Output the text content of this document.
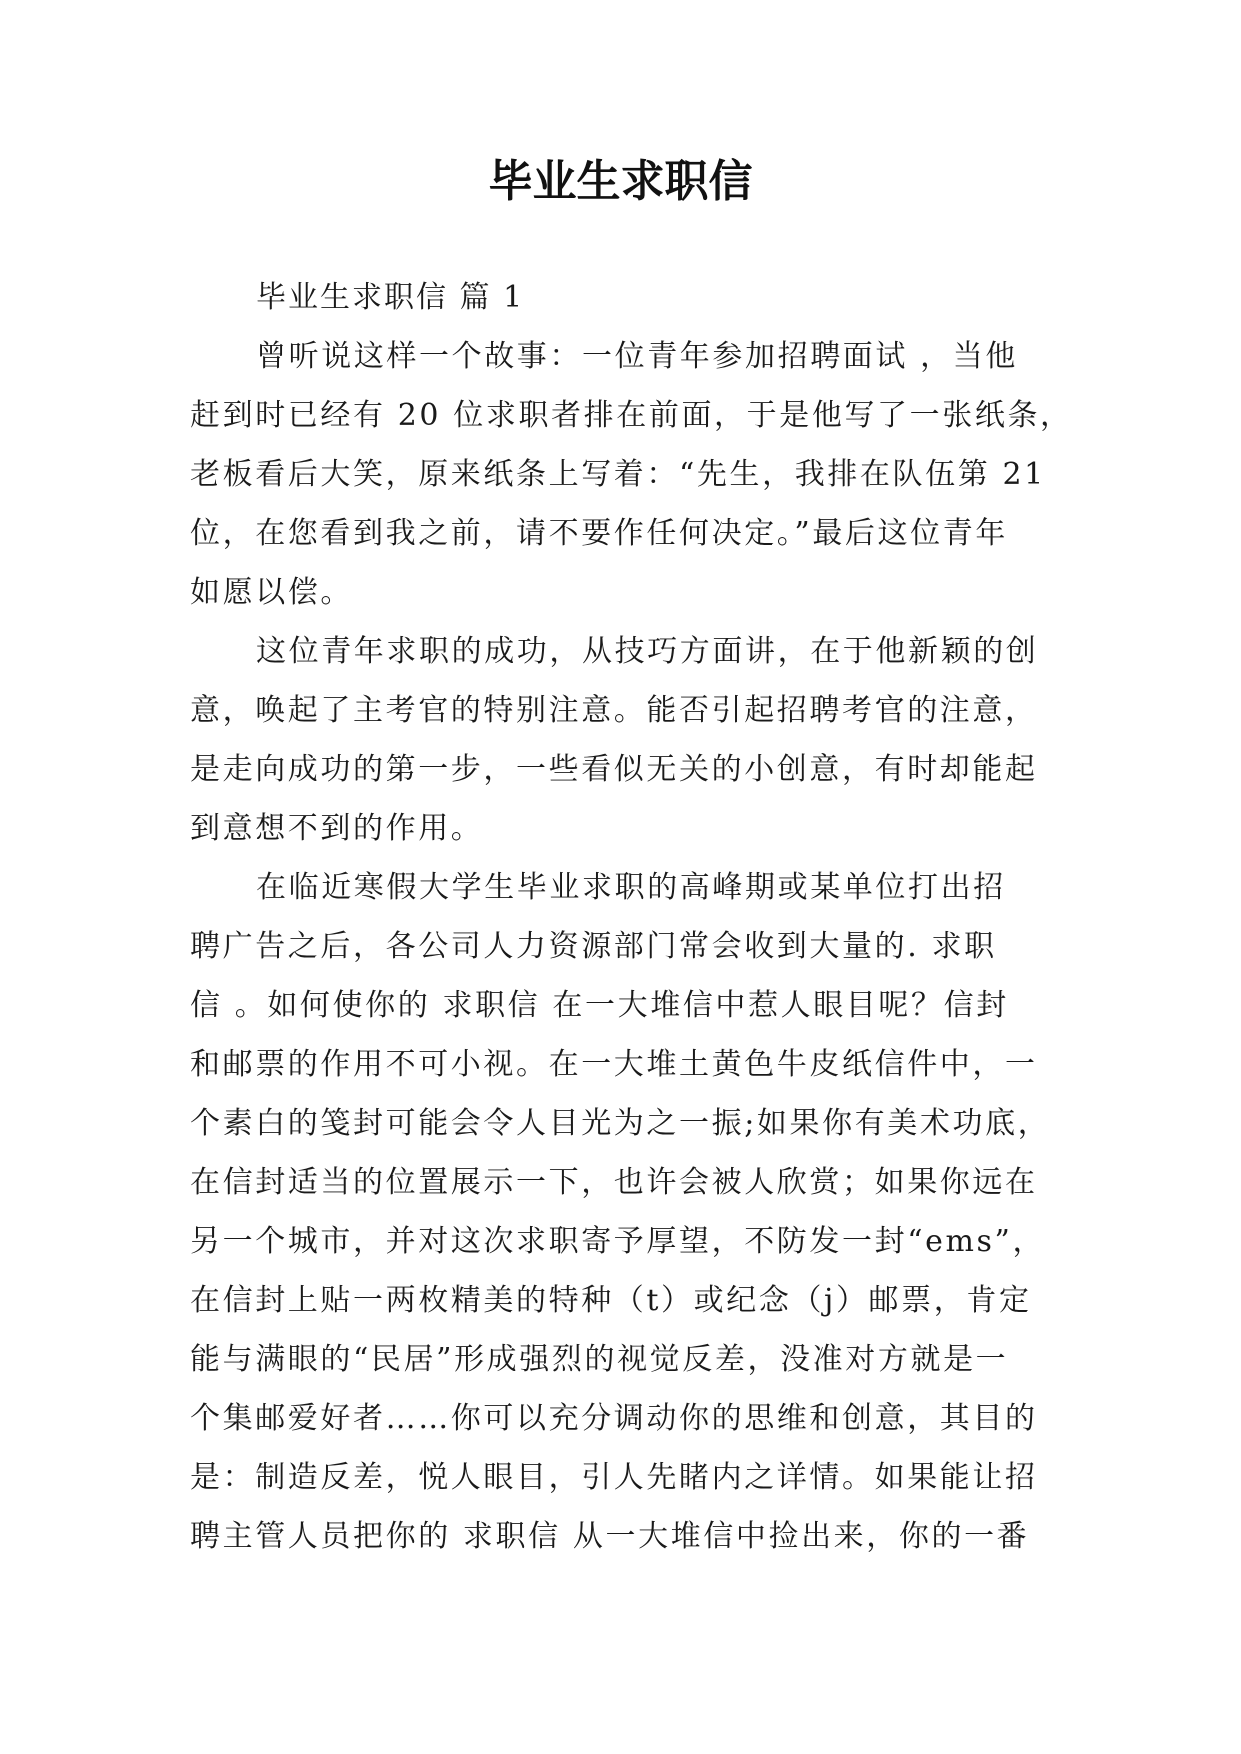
毕业生求职信

毕业生求职信 篇 1

曾听说这样一个故事：一位青年参加招聘面试 ，当他
赶到时已经有 20 位求职者排在前面，于是他写了一张纸条，
老板看后大笑，原来纸条上写着：“先生，我排在队伍第 21
位，在您看到我之前，请不要作任何决定。”最后这位青年
如愿以偿。
这位青年求职的成功，从技巧方面讲，在于他新颖的创
意，唤起了主考官的特别注意。能否引起招聘考官的注意，
是走向成功的第一步，一些看似无关的小创意，有时却能起
到意想不到的作用。
在临近寒假大学生毕业求职的高峰期或某单位打出招
聘广告之后，各公司人力资源部门常会收到大量的. 求职
信 。如何使你的 求职信 在一大堆信中惹人眼目呢？信封
和邮票的作用不可小视。在一大堆土黄色牛皮纸信件中，一
个素白的笺封可能会令人目光为之一振;如果你有美术功底，
在信封适当的位置展示一下，也许会被人欣赏；如果你远在
另一个城市，并对这次求职寄予厚望，不防发一封“ems”，
在信封上贴一两枚精美的特种（t）或纪念（j）邮票，肯定
能与满眼的“民居”形成强烈的视觉反差，没准对方就是一
个集邮爱好者……你可以充分调动你的思维和创意，其目的
是：制造反差，悦人眼目，引人先睹内之详情。如果能让招
聘主管人员把你的 求职信 从一大堆信中捡出来，你的一番
